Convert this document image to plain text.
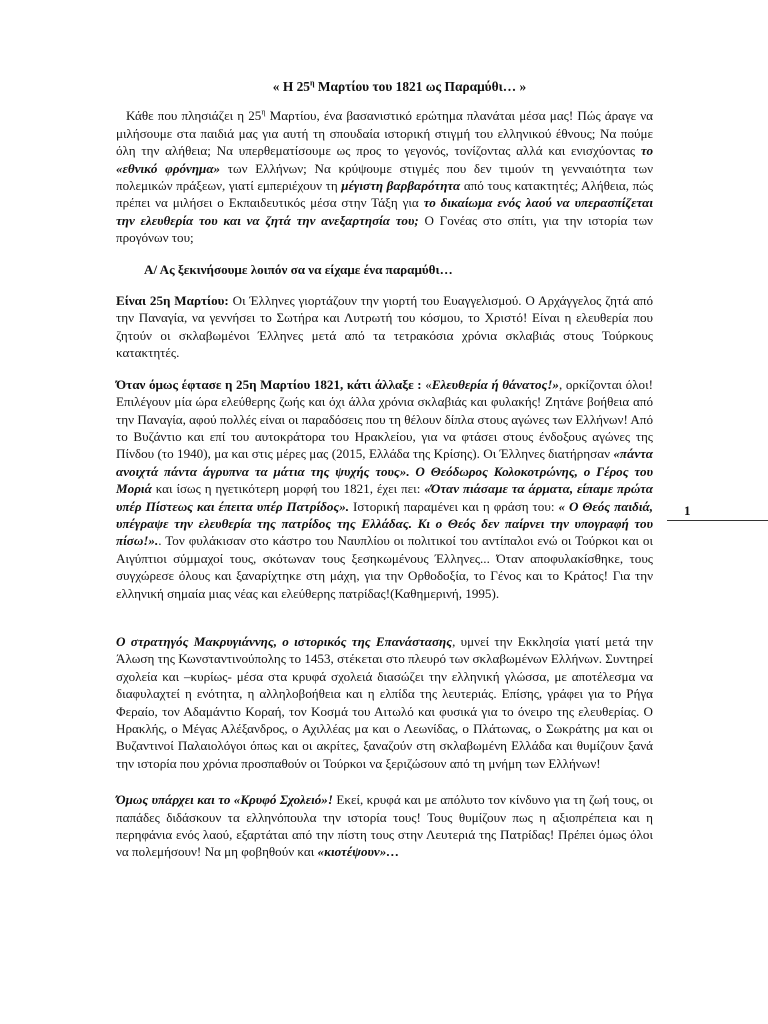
« Η $25^\eta$ Μαρτίου του 1821 ως Παραμύθι… »

Κάθε που πλησιάζει η $25^\eta$ Μαρτίου, ένα βασανιστικό ερώτημα πλανάται μέσα μας! Πώς άραγε να μιλήσουμε στα παιδιά μας για αυτή τη σπουδαία ιστορική στιγμή του ελληνικού έθνους; Να πούμε όλη την αλήθεια; Να υπερθεματίσουμε ως προς το γεγονός, τονίζοντας αλλά και ενισχύοντας το «εθνικό φρόνημα» των Ελλήνων; Να κρύψουμε στιγμές που δεν τιμούν τη γενναιότητα των πολεμικών πράξεων, γιατί εμπεριέχουν τη μέγιστη βαρβαρότητα από τους κατακτητές; Αλήθεια, πώς πρέπει να μιλήσει ο Εκπαιδευτικός μέσα στην Τάξη για το δικαίωμα ενός λαού να υπερασπίζεται την ελευθερία του και να ζητά την ανεξαρτησία του; Ο Γονέας στο σπίτι, για την ιστορία των προγόνων του;

Α/ Ας ξεκινήσουμε λοιπόν σα να είχαμε ένα παραμύθι…

Είναι 25η Μαρτίου: Οι Έλληνες γιορτάζουν την γιορτή του Ευαγγελισμού. Ο Αρχάγγελος ζητά από την Παναγία, να γεννήσει το Σωτήρα και Λυτρωτή του κόσμου, το Χριστό! Είναι η ελευθερία που ζητούν οι σκλαβωμένοι Έλληνες μετά από τα τετρακόσια χρόνια σκλαβιάς στους Τούρκους κατακτητές.

Όταν όμως έφτασε η 25η Μαρτίου 1821, κάτι άλλαξε : «Ελευθερία ή θάνατος!», ορκίζονται όλοι! Επιλέγουν μία ώρα ελεύθερης ζωής και όχι άλλα χρόνια σκλαβιάς και φυλακής! Ζητάνε βοήθεια από την Παναγία, αφού πολλές είναι οι παραδόσεις που τη θέλουν δίπλα στους αγώνες των Ελλήνων! Από το Βυζάντιο και επί του αυτοκράτορα του Ηρακλείου, για να φτάσει στους ένδοξους αγώνες της Πίνδου (το 1940), μα και στις μέρες μας (2015, Ελλάδα της Κρίσης). Οι Έλληνες διατήρησαν «πάντα ανοιχτά πάντα άγρυπνα τα μάτια της ψυχής τους». Ο Θεόδωρος Κολοκοτρώνης, ο Γέρος του Μοριά και ίσως η ηγετικότερη μορφή του 1821, έχει πει: «Όταν πιάσαμε τα άρματα, είπαμε πρώτα υπέρ Πίστεως και έπειτα υπέρ Πατρίδος». Ιστορική παραμένει και η φράση του: « Ο Θεός παιδιά, υπέγραψε την ελευθερία της πατρίδος της Ελλάδας. Κι ο Θεός δεν παίρνει την υπογραφή του πίσω!».. Τον φυλάκισαν στο κάστρο του Ναυπλίου οι πολιτικοί του αντίπαλοι ενώ οι Τούρκοι και οι Αιγύπτιοι σύμμαχοί τους, σκότωναν τους ξεσηκωμένους Έλληνες... Όταν αποφυλακίσθηκε, τους συγχώρεσε όλους και ξαναρίχτηκε στη μάχη, για την Ορθοδοξία, το Γένος και το Κράτος! Για την ελληνική σημαία μιας νέας και ελεύθερης πατρίδας!(Καθημερινή, 1995).

Ο στρατηγός Μακρυγιάννης, ο ιστορικός της Επανάστασης, υμνεί την Εκκλησία γιατί μετά την Άλωση της Κωνσταντινούπολης το 1453, στέκεται στο πλευρό των σκλαβωμένων Ελλήνων. Συντηρεί σχολεία και –κυρίως- μέσα στα κρυφά σχολειά διασώζει την ελληνική γλώσσα, με αποτέλεσμα να διαφυλαχτεί η ενότητα, η αλληλοβοήθεια και η ελπίδα της λευτεριάς. Επίσης, γράφει για το Ρήγα Φεραίο, τον Αδαμάντιο Κοραή, τον Κοσμά του Αιτωλό και φυσικά για το όνειρο της ελευθερίας. Ο Ηρακλής, ο Μέγας Αλέξανδρος, ο Αχιλλέας μα και ο Λεωνίδας, ο Πλάτωνας, ο Σωκράτης μα και οι Βυζαντινοί Παλαιολόγοι όπως και οι ακρίτες, ξαναζούν στη σκλαβωμένη Ελλάδα και θυμίζουν ξανά την ιστορία που χρόνια προσπαθούν οι Τούρκοι να ξεριζώσουν από τη μνήμη των Ελλήνων!

Όμως υπάρχει και το «Κρυφό Σχολειό»! Εκεί, κρυφά και με απόλυτο τον κίνδυνο για τη ζωή τους, οι παπάδες διδάσκουν τα ελληνόπουλα την ιστορία τους! Τους θυμίζουν πως η αξιοπρέπεια και η περηφάνια ενός λαού, εξαρτάται από την πίστη τους στην Λευτεριά της Πατρίδας! Πρέπει όμως όλοι να πολεμήσουν! Να μη φοβηθούν και «κιοτέψουν»…

1
